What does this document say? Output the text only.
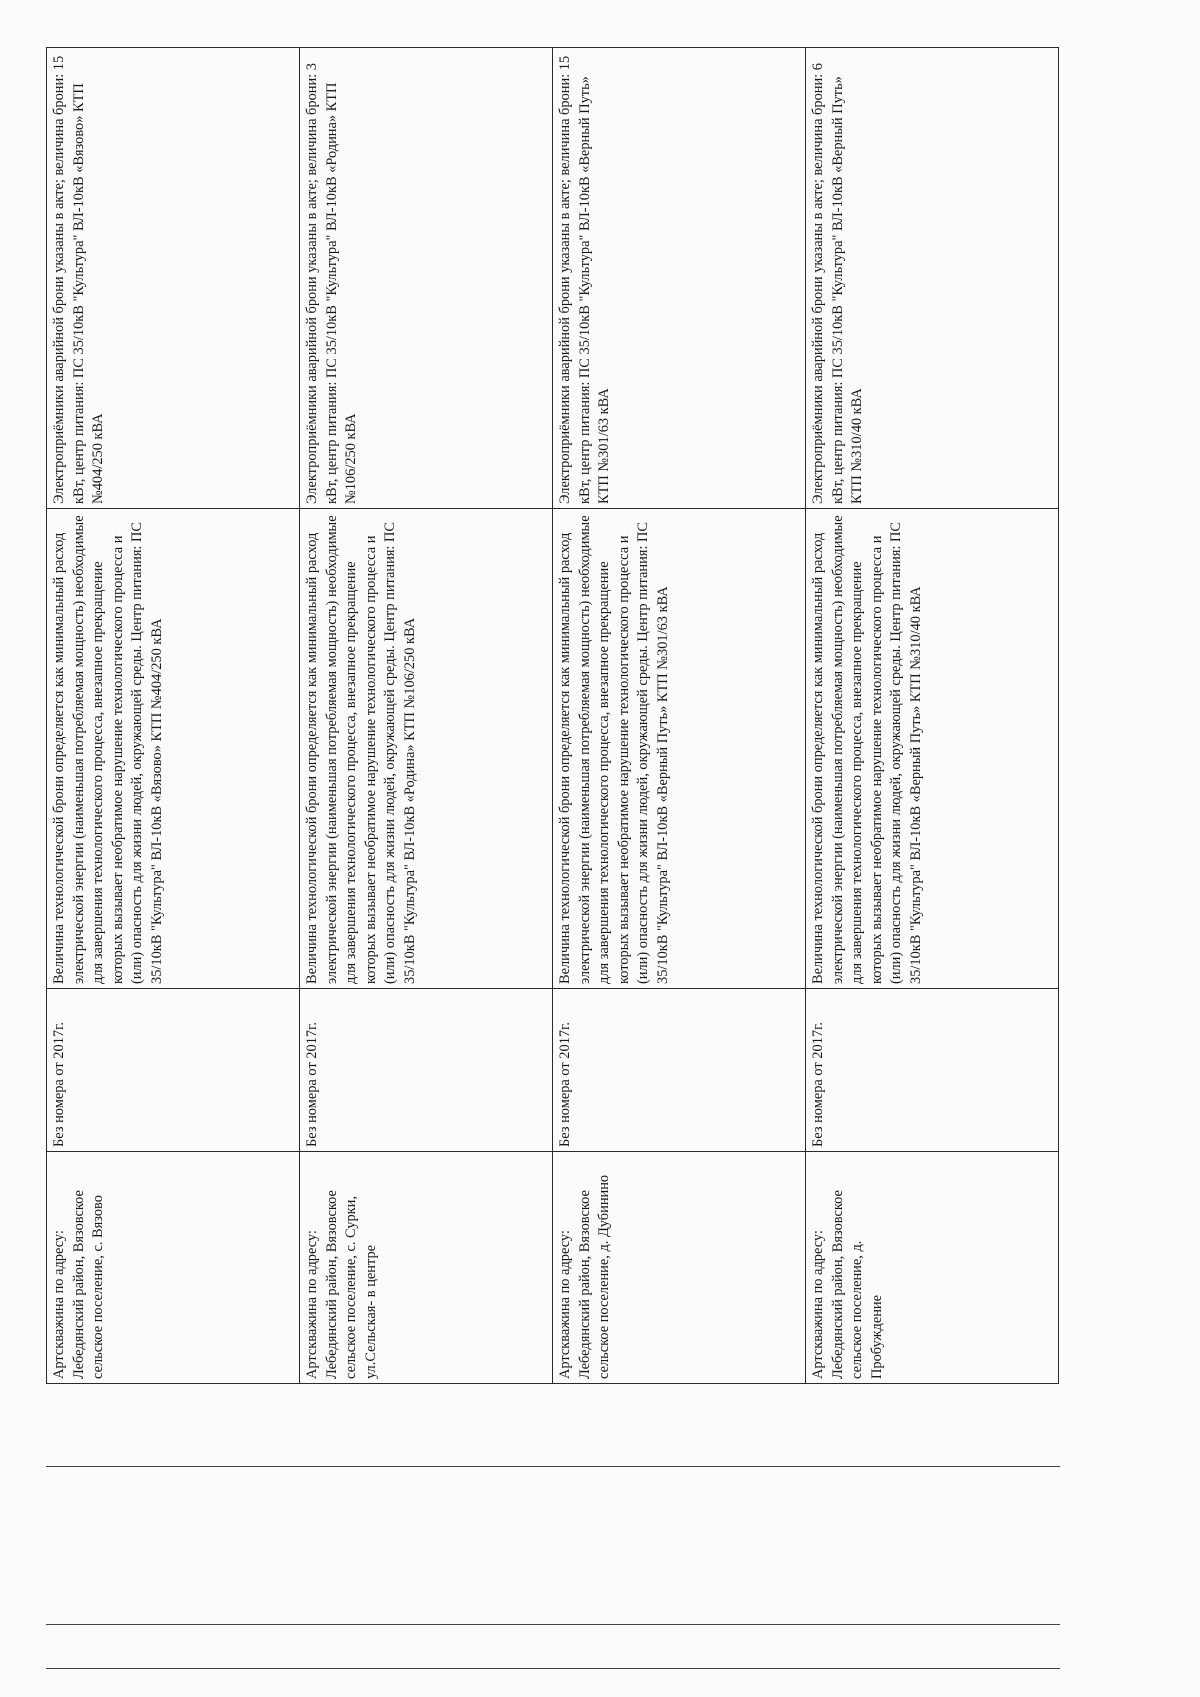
Артскважина по адресу: Лебедянский район, Вязовское сельское поселение, с. Вязово	Без номера от 2017г.	Величина технологической брони определяется как минимальный расход электрической энергии (наименьшая потребляемая мощность) необходимые для завершения технологического процесса, внезапное прекращение которых вызывает необратимое нарушение технологического процесса и (или) опасность для жизни людей, окружающей среды. Центр питания: ПС 35/10кВ "Культура" ВЛ-10кВ «Вязово» КТП №404/250 кВА	Электроприёмники аварийной брони указаны в акте; величина брони: 15 кВт, центр питания: ПС 35/10кВ "Культура" ВЛ-10кВ «Вязово» КТП №404/250 кВА
Артскважина по адресу: Лебедянский район, Вязовское сельское поселение, с. Сурки, ул.Сельская- в центре	Без номера от 2017г.	Величина технологической брони определяется как минимальный расход электрической энергии (наименьшая потребляемая мощность) необходимые для завершения технологического процесса, внезапное прекращение которых вызывает необратимое нарушение технологического процесса и (или) опасность для жизни людей, окружающей среды. Центр питания: ПС 35/10кВ "Культура" ВЛ-10кВ «Родина» КТП №106/250 кВА	Электроприёмники аварийной брони указаны в акте; величина брони: 3 кВт, центр питания: ПС 35/10кВ "Культура" ВЛ-10кВ «Родина» КТП №106/250 кВА
Артскважина по адресу: Лебедянский район, Вязовское сельское поселение, д. Дубинино	Без номера от 2017г.	Величина технологической брони определяется как минимальный расход электрической энергии (наименьшая потребляемая мощность) необходимые для завершения технологического процесса, внезапное прекращение которых вызывает необратимое нарушение технологического процесса и (или) опасность для жизни людей, окружающей среды. Центр питания: ПС 35/10кВ "Культура" ВЛ-10кВ «Верный Путь» КТП №301/63 кВА	Электроприёмники аварийной брони указаны в акте; величина брони: 15 кВт, центр питания: ПС 35/10кВ "Культура" ВЛ-10кВ «Верный Путь» КТП №301/63 кВА
Артскважина по адресу: Лебедянский район, Вязовское сельское поселение, д. Пробуждение	Без номера от 2017г.	Величина технологической брони определяется как минимальный расход электрической энергии (наименьшая потребляемая мощность) необходимые для завершения технологического процесса, внезапное прекращение которых вызывает необратимое нарушение технологического процесса и (или) опасность для жизни людей, окружающей среды. Центр питания: ПС 35/10кВ "Культура" ВЛ-10кВ «Верный Путь» КТП №310/40 кВА	Электроприёмники аварийной брони указаны в акте; величина брони: 6 кВт, центр питания: ПС 35/10кВ "Культура" ВЛ-10кВ «Верный Путь» КТП №310/40 кВА
